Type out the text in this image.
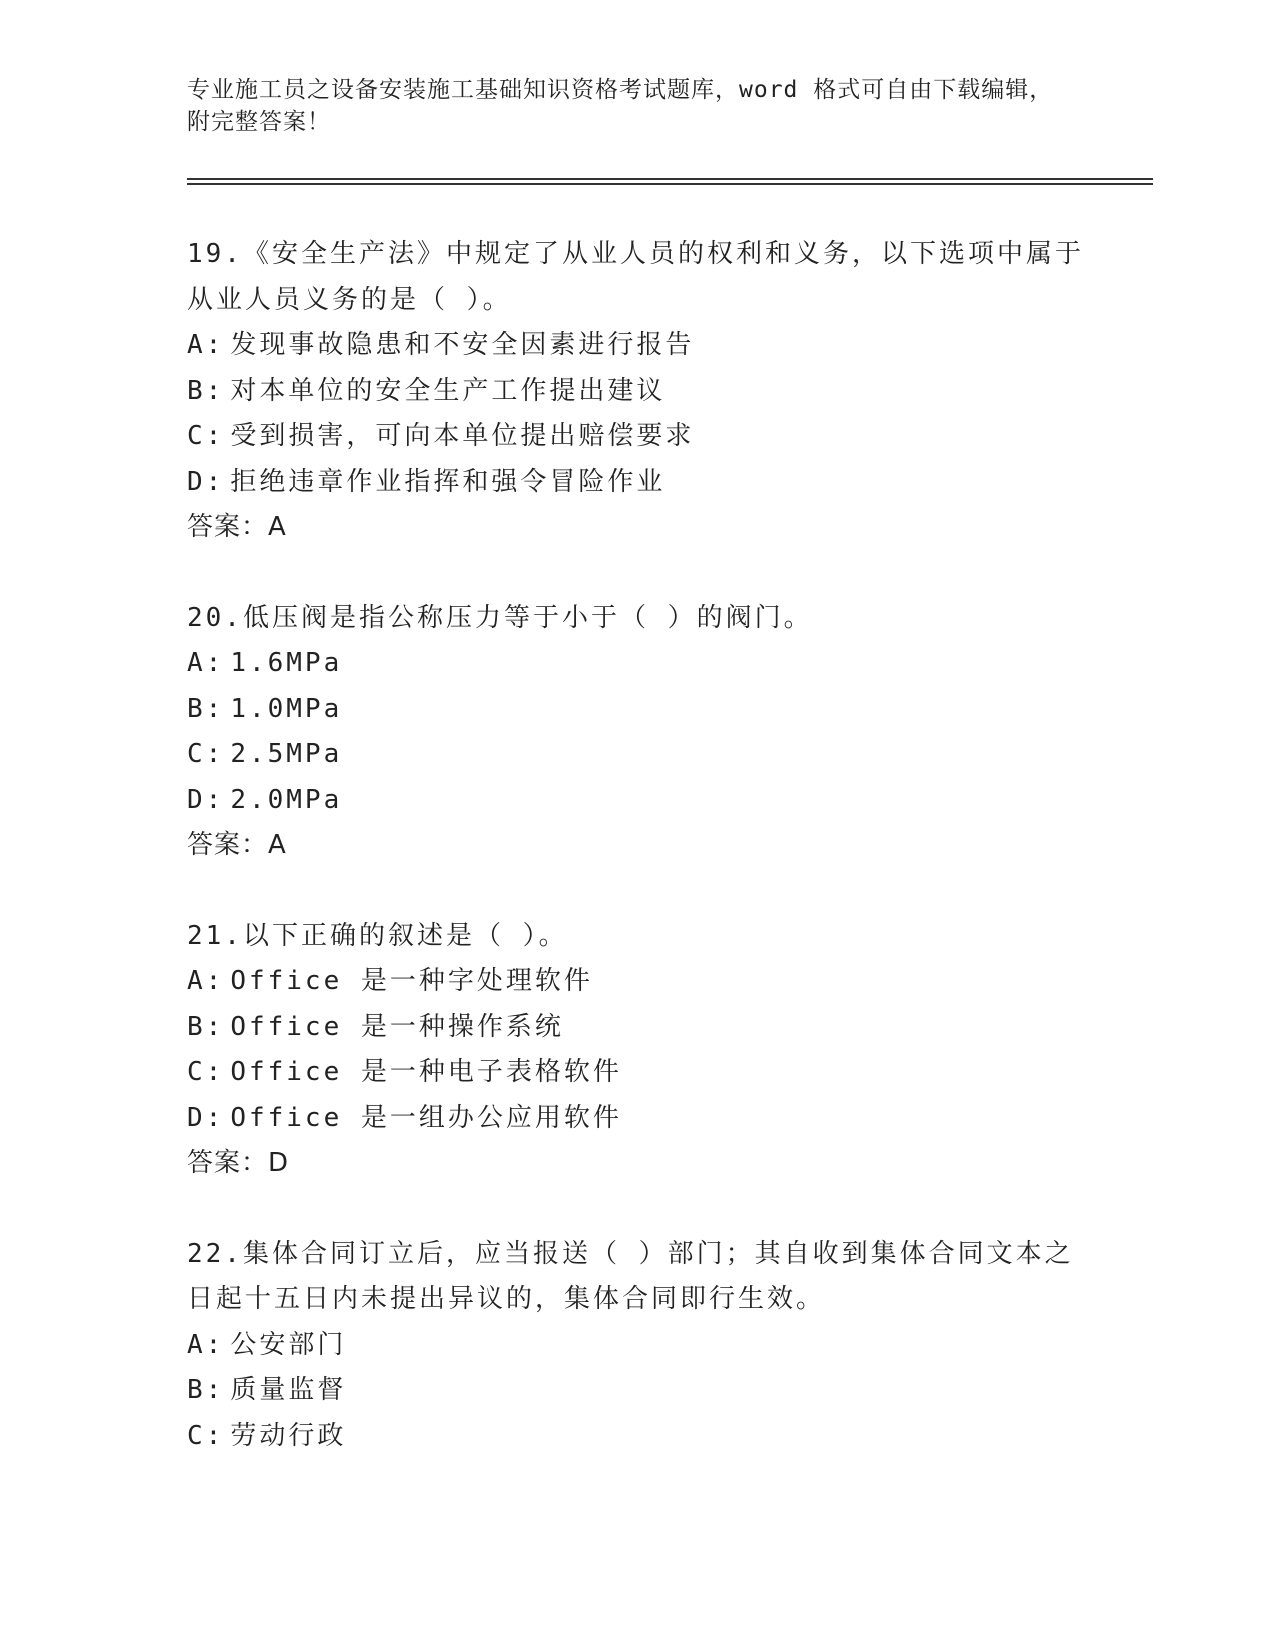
专业施工员之设备安装施工基础知识资格考试题库，word 格式可自由下载编辑，
附完整答案！
19.《安全生产法》中规定了从业人员的权利和义务，以下选项中属于
从业人员义务的是（ ）。
A: 发现事故隐患和不安全因素进行报告
B: 对本单位的安全生产工作提出建议
C: 受到损害，可向本单位提出赔偿要求
D: 拒绝违章作业指挥和强令冒险作业
答案：A
20.低压阀是指公称压力等于小于（ ）的阀门。
A: 1.6MPa
B: 1.0MPa
C: 2.5MPa
D: 2.0MPa
答案：A
21.以下正确的叙述是（ ）。
A: Office 是一种字处理软件
B: Office 是一种操作系统
C: Office 是一种电子表格软件
D: Office 是一组办公应用软件
答案：D
22.集体合同订立后，应当报送（ ）部门；其自收到集体合同文本之
日起十五日内未提出异议的，集体合同即行生效。
A: 公安部门
B: 质量监督
C: 劳动行政
